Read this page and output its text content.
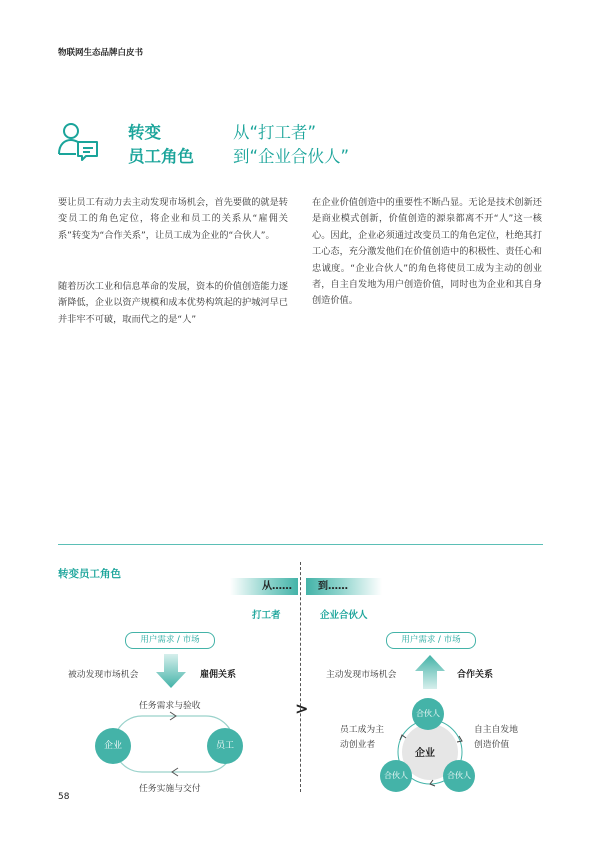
物联网生态品牌白皮书
转变
员工角色
从“打工者”
到“企业合伙人”
要让员工有动力去主动发现市场机会，首先要做的就是转变员工的角色定位，将企业和员工的关系从“雇佣关系”转变为“合作关系”，让员工成为企业的“合伙人”。
随着历次工业和信息革命的发展，资本的价值创造能力逐渐降低，企业以资产规模和成本优势构筑起的护城河早已并非牢不可破，取而代之的是“人”
在企业价值创造中的重要性不断凸显。无论是技术创新还是商业模式创新，价值创造的源泉都离不开“人”这一核心。因此，企业必须通过改变员工的角色定位，杜绝其打工心态，充分激发他们在价值创造中的积极性、责任心和忠诚度。“企业合伙人”的角色将使员工成为主动的创业者，自主自发地为用户创造价值，同时也为企业和其自身创造价值。
转变员工角色
>
从……	到……
打工者	企业合伙人
用户需求 / 市场
被动发现市场机会	雇佣关系
任务需求与验收
任务实施与交付
企业	员工
用户需求 / 市场
主动发现市场机会	合作关系
员工成为主
动创业者
自主自发地
创造价值
企业
合伙人
合伙人	合伙人
58
